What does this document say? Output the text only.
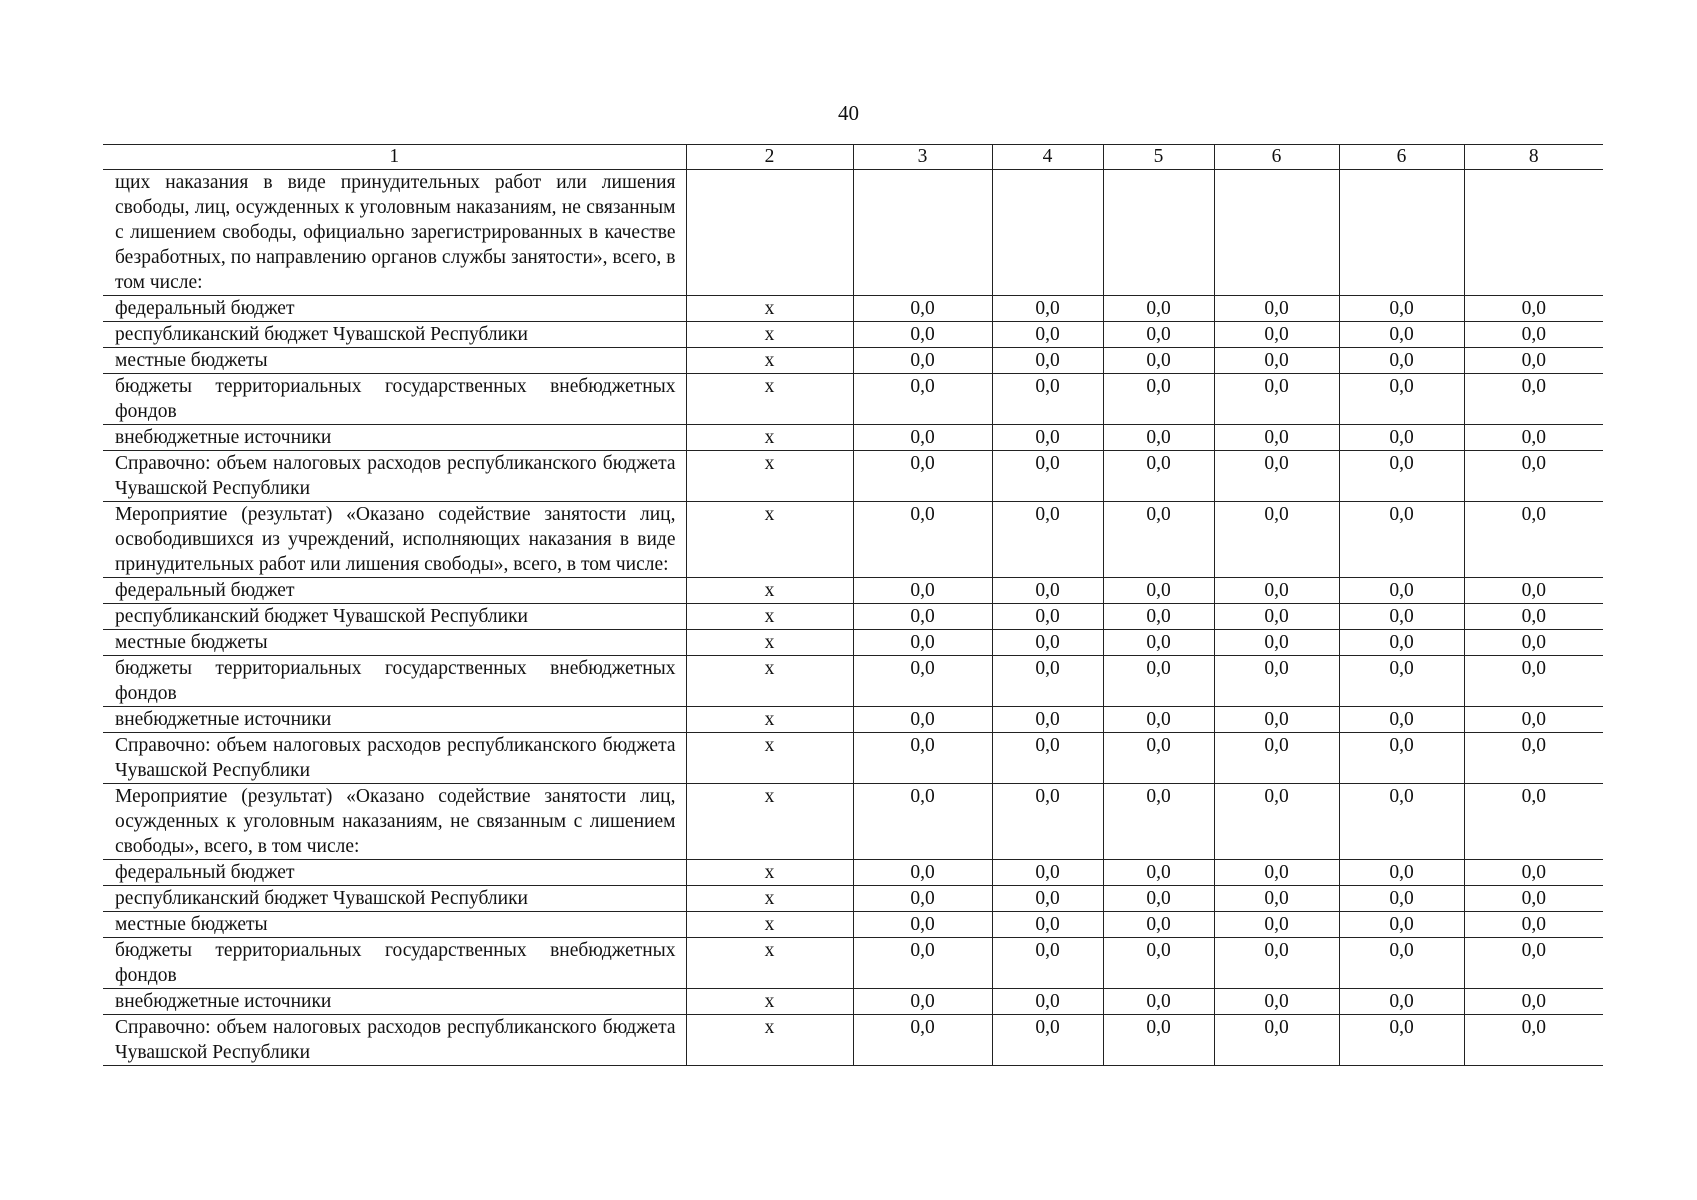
40
1	2	3	4	5	6	6	8
щих наказания в виде принудительных работ или лишения свободы, лиц, осужденных к уголовным наказаниям, не связанным с лишением свободы, официально зарегистрированных в качестве безработных, по направлению органов службы занятости», всего, в том числе:							
федеральный бюджет	x	0,0	0,0	0,0	0,0	0,0	0,0
республиканский бюджет Чувашской Республики	x	0,0	0,0	0,0	0,0	0,0	0,0
местные бюджеты	x	0,0	0,0	0,0	0,0	0,0	0,0
бюджеты территориальных государственных внебюджетных фондов	x	0,0	0,0	0,0	0,0	0,0	0,0
внебюджетные источники	x	0,0	0,0	0,0	0,0	0,0	0,0
Справочно: объем налоговых расходов республиканского бюджета Чувашской Республики	x	0,0	0,0	0,0	0,0	0,0	0,0
Мероприятие (результат) «Оказано содействие занятости лиц, освободившихся из учреждений, исполняющих наказания в виде принудительных работ или лишения свободы», всего, в том числе:	x	0,0	0,0	0,0	0,0	0,0	0,0
федеральный бюджет	x	0,0	0,0	0,0	0,0	0,0	0,0
республиканский бюджет Чувашской Республики	x	0,0	0,0	0,0	0,0	0,0	0,0
местные бюджеты	x	0,0	0,0	0,0	0,0	0,0	0,0
бюджеты территориальных государственных внебюджетных фондов	x	0,0	0,0	0,0	0,0	0,0	0,0
внебюджетные источники	x	0,0	0,0	0,0	0,0	0,0	0,0
Справочно: объем налоговых расходов республиканского бюджета Чувашской Республики	x	0,0	0,0	0,0	0,0	0,0	0,0
Мероприятие (результат) «Оказано содействие занятости лиц, осужденных к уголовным наказаниям, не связанным с лишением свободы», всего, в том числе:	x	0,0	0,0	0,0	0,0	0,0	0,0
федеральный бюджет	x	0,0	0,0	0,0	0,0	0,0	0,0
республиканский бюджет Чувашской Республики	x	0,0	0,0	0,0	0,0	0,0	0,0
местные бюджеты	x	0,0	0,0	0,0	0,0	0,0	0,0
бюджеты территориальных государственных внебюджетных фондов	x	0,0	0,0	0,0	0,0	0,0	0,0
внебюджетные источники	x	0,0	0,0	0,0	0,0	0,0	0,0
Справочно: объем налоговых расходов республиканского бюджета Чувашской Республики	x	0,0	0,0	0,0	0,0	0,0	0,0
